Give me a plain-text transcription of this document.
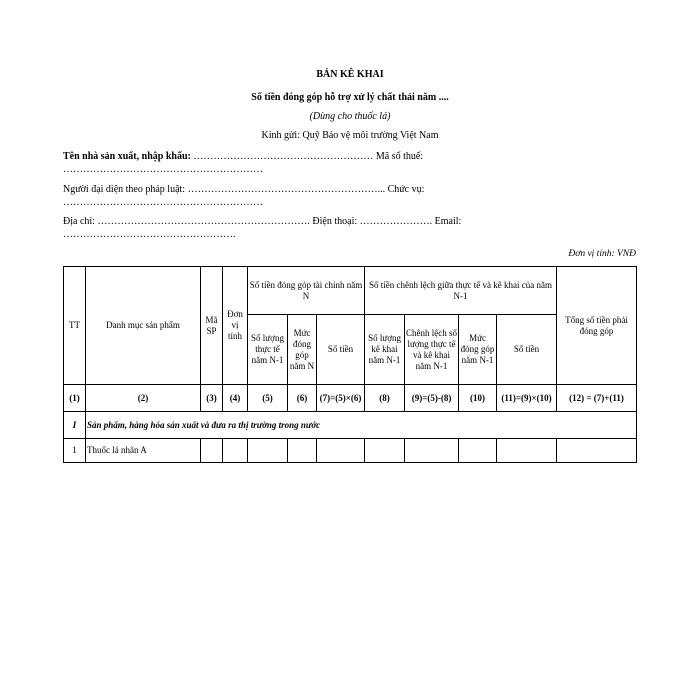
BẢN KÊ KHAI
Số tiền đóng góp hỗ trợ xử lý chất thải năm ....
(Dùng cho thuốc lá)
Kính gửi: Quỹ Bảo vệ môi trường Việt Nam
Tên nhà sản xuất, nhập khẩu: ……………………………………………… Mã số thuế:
……………………………………………………
Người đại diện theo pháp luật: …………………………………………………... Chức vụ:
……………………………………………………
Địa chỉ: ………………………………………………………. Điện thoại: …………………. Email:
…………………………………………….
Đơn vị tính: VNĐ
TT	Danh mục sản phẩm	Mã SP	Đơn vị tính	Số tiền đóng góp tài chính năm N			Số tiền chênh lệch giữa thực tế và kê khai của năm N-1				Tổng số tiền phải đóng góp
				Số lượng thực tế năm N-1	Mức đóng góp năm N	Số tiền	Số lượng kê khai năm N-1	Chênh lệch số lượng thực tế và kê khai năm N-1	Mức đóng góp năm N-1	Số tiền	
(1)	(2)	(3)	(4)	(5)	(6)	(7)=(5)×(6)	(8)	(9)=(5)-(8)	(10)	(11)=(9)×(10)	(12) = (7)+(11)
I	Sản phẩm, hàng hóa sản xuất và đưa ra thị trường trong nước										
1	Thuốc lá nhãn A										
